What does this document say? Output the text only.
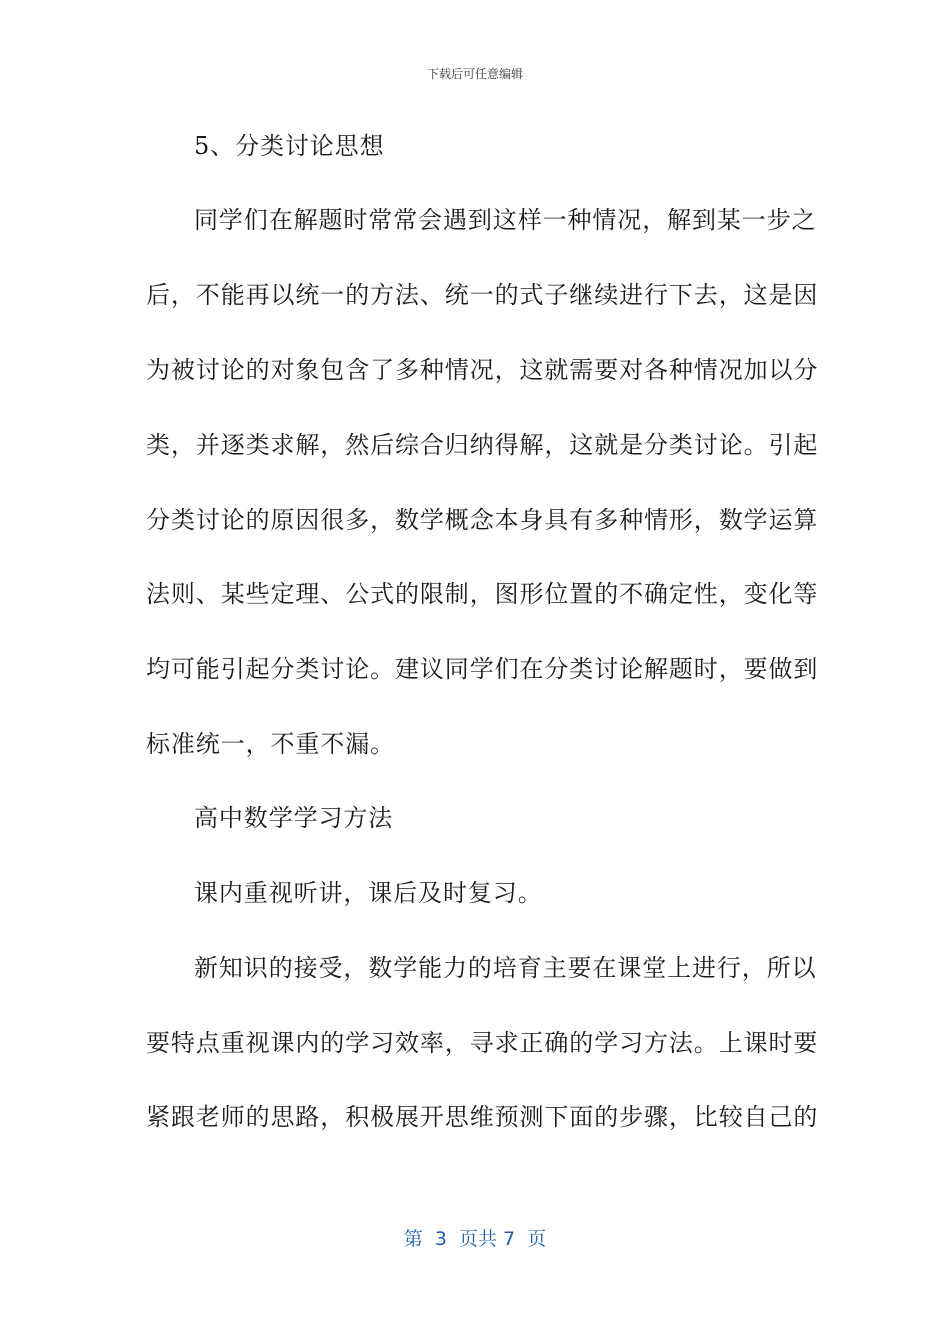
下载后可任意编辑
5、分类讨论思想
同学们在解题时常常会遇到这样一种情况，解到某一步之
后，不能再以统一的方法、统一的式子继续进行下去，这是因
为被讨论的对象包含了多种情况，这就需要对各种情况加以分
类，并逐类求解，然后综合归纳得解，这就是分类讨论。引起
分类讨论的原因很多，数学概念本身具有多种情形，数学运算
法则、某些定理、公式的限制，图形位置的不确定性，变化等
均可能引起分类讨论。建议同学们在分类讨论解题时，要做到
标准统一，不重不漏。
高中数学学习方法
课内重视听讲，课后及时复习。
新知识的接受，数学能力的培育主要在课堂上进行，所以
要特点重视课内的学习效率，寻求正确的学习方法。上课时要
紧跟老师的思路，积极展开思维预测下面的步骤，比较自己的
第  3  页共 7  页
